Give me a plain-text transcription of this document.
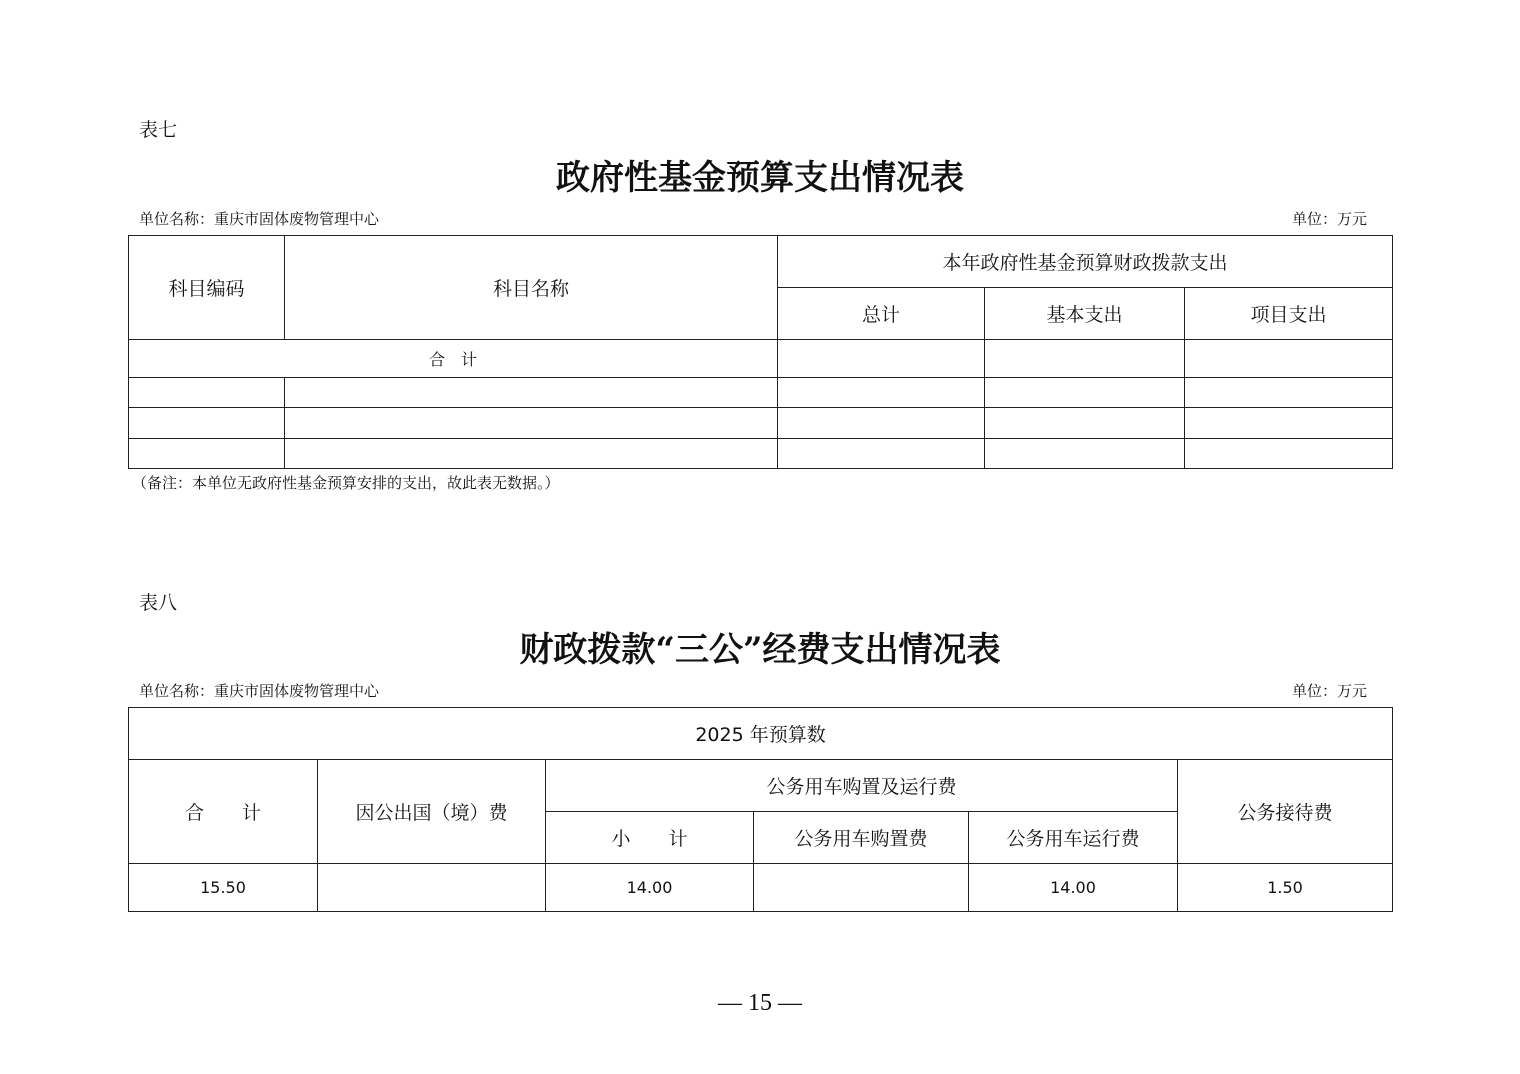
表七
政府性基金预算支出情况表
单位名称：重庆市固体废物管理中心	单位：万元
科目编码	科目名称	本年政府性基金预算财政拨款支出		
		总计	基本支出	项目支出
合　计				

（备注：本单位无政府性基金预算安排的支出，故此表无数据。）
表八
财政拨款“三公”经费支出情况表
单位名称：重庆市固体废物管理中心	单位：万元
2025 年预算数					
合　　计	因公出国（境）费	公务用车购置及运行费			公务接待费
		小　　计	公务用车购置费	公务用车运行费	
15.50		14.00		14.00	1.50
— 15 —
